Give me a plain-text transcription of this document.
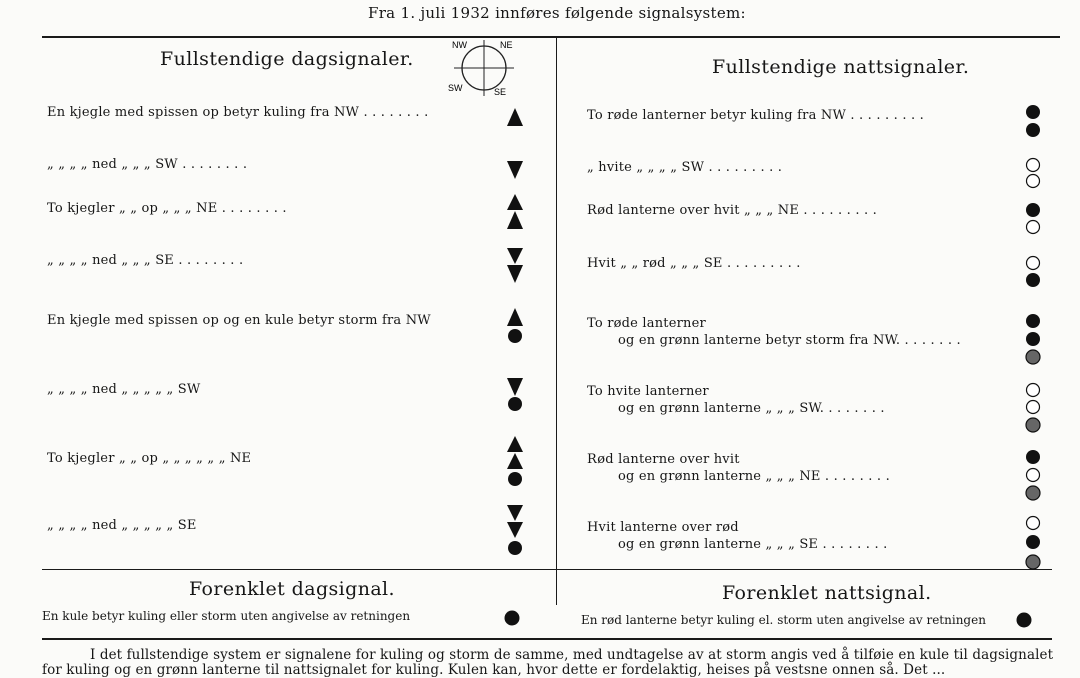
Fra 1. juli 1932 innføres følgende signalsystem:
Fullstendige dagsignaler.
NW	NE
SW	SE
En kjegle med spissen op betyr kuling fra NW . . . . . . . .
„ „ „ „ ned „ „ „ SW . . . . . . . .
To kjegler „ „ op „ „ „ NE . . . . . . . .
„ „ „ „ ned „ „ „ SE . . . . . . . .
En kjegle med spissen op og en kule betyr storm fra NW
„ „ „ „ ned „ „ „ „ „ SW
To kjegler „ „ op „ „ „ „ „ „ NE
„ „ „ „ ned „ „ „ „ „ SE
Fullstendige nattsignaler.
To røde lanterner betyr kuling fra NW . . . . . . . . .
„ hvite „ „ „ „ SW . . . . . . . . .
Rød lanterne over hvit „ „ „ NE . . . . . . . . .
Hvit „ „ rød „ „ „ SE . . . . . . . . .
To røde lanterner
og en grønn lanterne betyr storm fra NW. . . . . . . .
To hvite lanterner
og en grønn lanterne „ „ „ SW. . . . . . . .
Rød lanterne over hvit
og en grønn lanterne „ „ „ NE . . . . . . . .
Hvit lanterne over rød
og en grønn lanterne „ „ „ SE . . . . . . . .
Forenklet dagsignal.
En kule betyr kuling eller storm uten angivelse av retningen
Forenklet nattsignal.
En rød lanterne betyr kuling el. storm uten angivelse av retningen
I det fullstendige system er signalene for kuling og storm de samme, med undtagelse av at storm angis ved å tilføie en kule til dagsignalet
for kuling og en grønn lanterne til nattsignalet for kuling. Kulen kan, hvor dette er fordelaktig, heises på vestsne onnen så. Det ...
